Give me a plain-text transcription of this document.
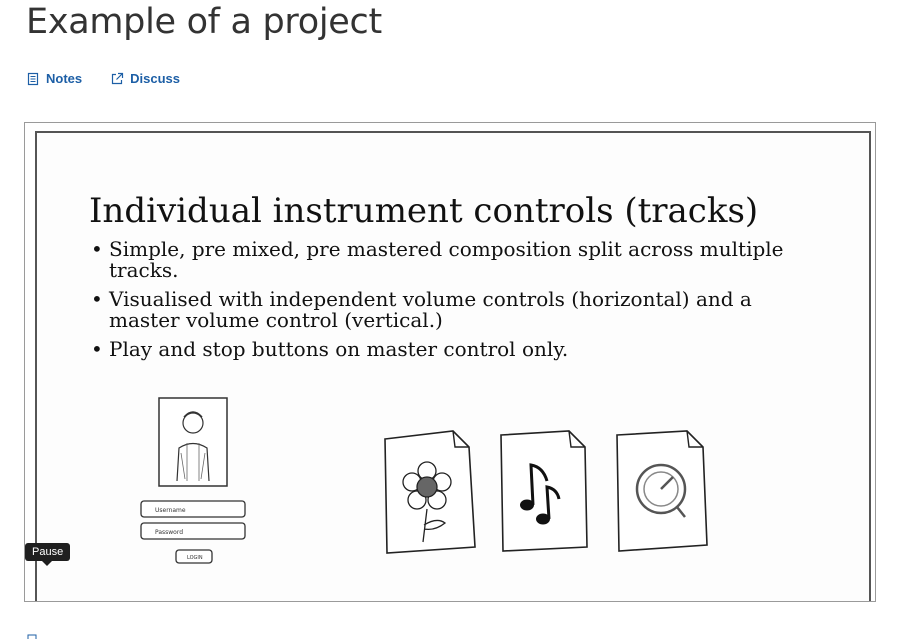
Example of a project
Notes	Discuss
Individual instrument controls (tracks)
• Simple, pre mixed, pre mastered composition split across multiple tracks.
• Visualised with independent volume controls (horizontal) and a master volume control (vertical.)
• Play and stop buttons on master control only.
Username
Password
LOGIN
Pause
